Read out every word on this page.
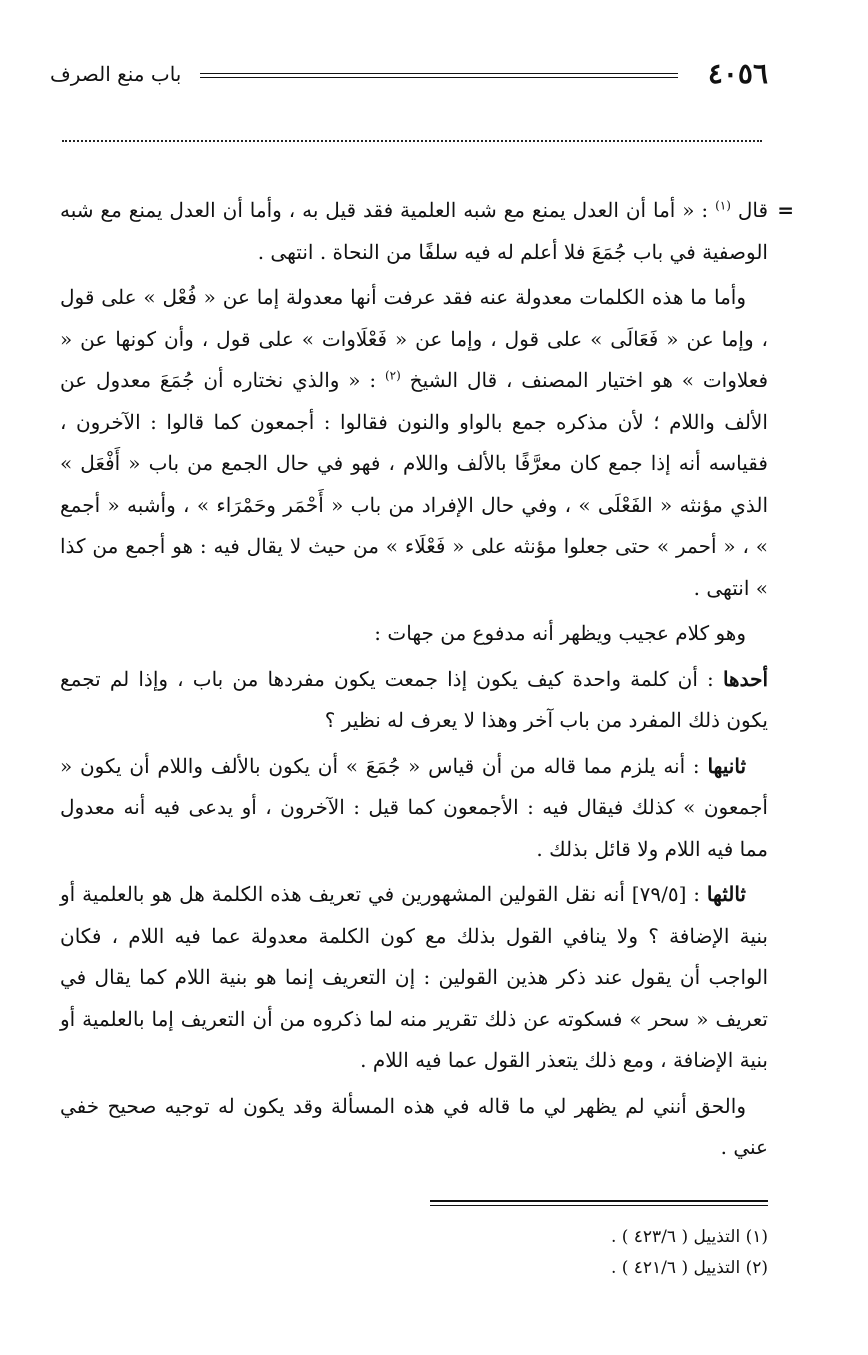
٤٠٥٦
باب منع الصرف

=
قال $^{(١)}$ : « أما أن العدل يمنع مع شبه العلمية فقد قيل به ، وأما أن العدل يمنع مع شبه الوصفية في باب جُمَعَ فلا أعلم له فيه سلفًا من النحاة . انتهى .

وأما ما هذه الكلمات معدولة عنه فقد عرفت أنها معدولة إما عن « فُعْل » على قول ، وإما عن « فَعَالَى » على قول ، وإما عن « فَعْلَاوات » على قول ، وأن كونها عن « فعلاوات » هو اختيار المصنف ، قال الشيخ $^{(٢)}$ : « والذي نختاره أن جُمَعَ معدول عن الألف واللام ؛ لأن مذكره جمع بالواو والنون فقالوا : أجمعون كما قالوا : الآخرون ، فقياسه أنه إذا جمع كان معرَّفًا بالألف واللام ، فهو في حال الجمع من باب « أَفْعَل » الذي مؤنثه « الفَعْلَى » ، وفي حال الإفراد من باب « أَحْمَر وحَمْرَاء » ، وأشبه « أجمع » ، « أحمر » حتى جعلوا مؤنثه على « فَعْلَاء » من حيث لا يقال فيه : هو أجمع من كذا » انتهى .

وهو كلام عجيب ويظهر أنه مدفوع من جهات :

أحدها : أن كلمة واحدة كيف يكون إذا جمعت يكون مفردها من باب ، وإذا لم تجمع يكون ذلك المفرد من باب آخر وهذا لا يعرف له نظير ؟

ثانيها : أنه يلزم مما قاله من أن قياس « جُمَعَ » أن يكون بالألف واللام أن يكون « أجمعون » كذلك فيقال فيه : الأجمعون كما قيل : الآخرون ، أو يدعى فيه أنه معدول مما فيه اللام ولا قائل بذلك .

ثالثها : [٧٩/٥] أنه نقل القولين المشهورين في تعريف هذه الكلمة هل هو بالعلمية أو بنية الإضافة ؟ ولا ينافي القول بذلك مع كون الكلمة معدولة عما فيه اللام ، فكان الواجب أن يقول عند ذكر هذين القولين : إن التعريف إنما هو بنية اللام كما يقال في تعريف « سحر » فسكوته عن ذلك تقرير منه لما ذكروه من أن التعريف إما بالعلمية أو بنية الإضافة ، ومع ذلك يتعذر القول عما فيه اللام .

والحق أنني لم يظهر لي ما قاله في هذه المسألة وقد يكون له توجيه صحيح خفي عني .

(١) التذييل ( ٤٢٣/٦ ) .
(٢) التذييل ( ٤٢١/٦ ) .
